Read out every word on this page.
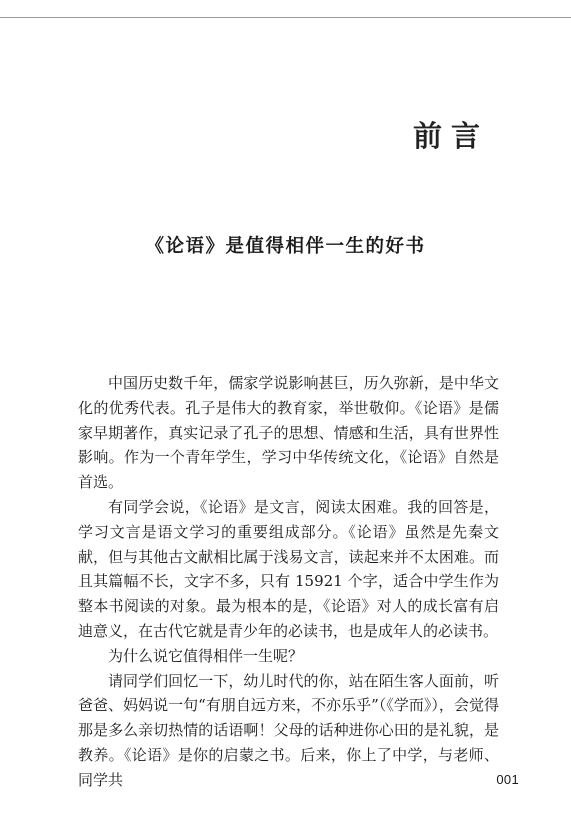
前言
《论语》是值得相伴一生的好书

中国历史数千年，儒家学说影响甚巨，历久弥新，是中华文化的优秀代表。孔子是伟大的教育家，举世敬仰。《论语》是儒家早期著作，真实记录了孔子的思想、情感和生活，具有世界性影响。作为一个青年学生，学习中华传统文化，《论语》自然是首选。

有同学会说，《论语》是文言，阅读太困难。我的回答是，学习文言是语文学习的重要组成部分。《论语》虽然是先秦文献，但与其他古文献相比属于浅易文言，读起来并不太困难。而且其篇幅不长，文字不多，只有 15921 个字，适合中学生作为整本书阅读的对象。最为根本的是，《论语》对人的成长富有启迪意义，在古代它就是青少年的必读书，也是成年人的必读书。

为什么说它值得相伴一生呢？

请同学们回忆一下，幼儿时代的你，站在陌生客人面前，听爸爸、妈妈说一句“有朋自远方来，不亦乐乎”（《学而》），会觉得那是多么亲切热情的话语啊！父母的话种进你心田的是礼貌，是教养。《论语》是你的启蒙之书。后来，你上了中学，与老师、同学共	001
